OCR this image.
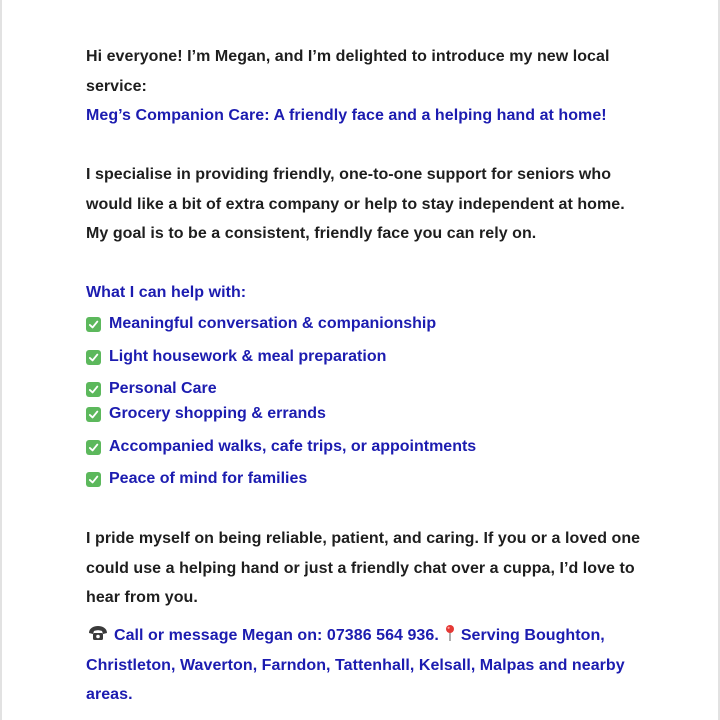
Hi everyone! I’m Megan, and I’m delighted to introduce my new local service:
Meg’s Companion Care: A friendly face and a helping hand at home!
I specialise in providing friendly, one-to-one support for seniors who would like a bit of extra company or help to stay independent at home. My goal is to be a consistent, friendly face you can rely on.
What I can help with:
Meaningful conversation & companionship
Light housework & meal preparation
Personal Care
Grocery shopping & errands
Accompanied walks, cafe trips, or appointments
Peace of mind for families
I pride myself on being reliable, patient, and caring. If you or a loved one could use a helping hand or just a friendly chat over a cuppa, I’d love to hear from you.
Call or message Megan on: 07386 564 936. Serving Boughton, Christleton, Waverton, Farndon, Tattenhall, Kelsall, Malpas and nearby areas.
